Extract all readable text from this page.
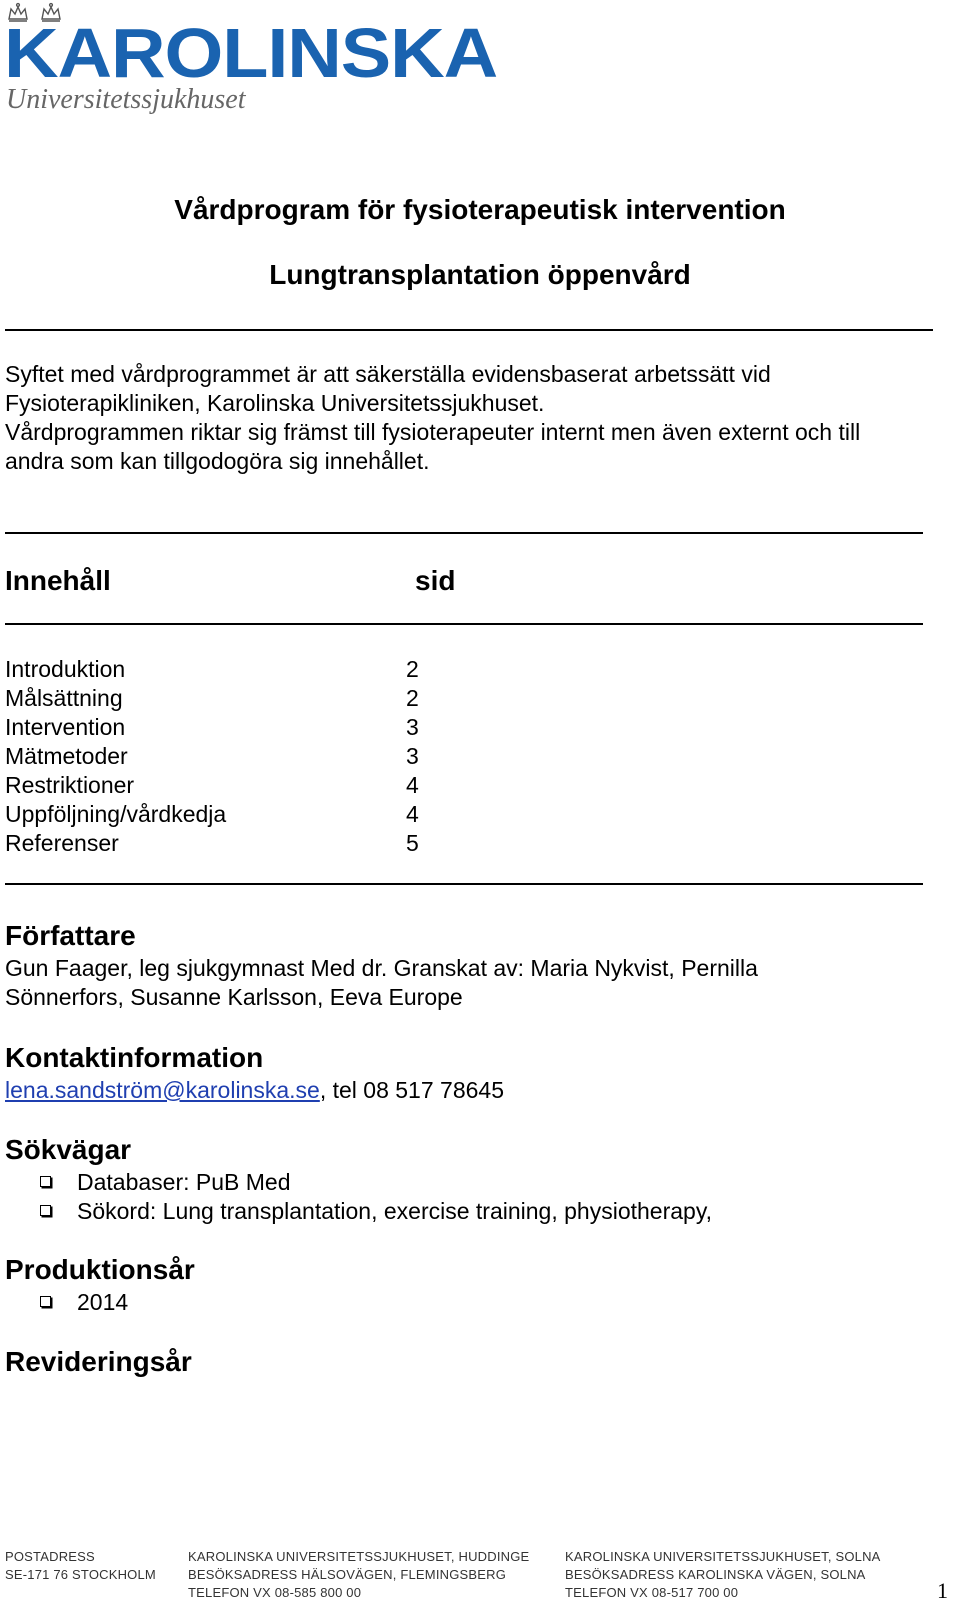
KAROLINSKA
Universitetssjukhuset
Vårdprogram för fysioterapeutisk intervention
Lungtransplantation öppenvård
Syftet med vårdprogrammet är att säkerställa evidensbaserat arbetssätt vid
Fysioterapikliniken, Karolinska Universitetssjukhuset.
Vårdprogrammen riktar sig främst till fysioterapeuter internt men även externt och till
andra som kan tillgodogöra sig innehållet.
Innehåll	sid
Introduktion	2
Målsättning	2
Intervention	3
Mätmetoder	3
Restriktioner	4
Uppföljning/vårdkedja	4
Referenser	5
Författare
Gun Faager, leg sjukgymnast Med dr. Granskat av: Maria Nykvist, Pernilla
Sönnerfors, Susanne Karlsson, Eeva Europe
Kontaktinformation
lena.sandström@karolinska.se, tel 08 517 78645
Sökvägar
Databaser: PuB Med
Sökord: Lung transplantation, exercise training, physiotherapy,
Produktionsår
2014
Revideringsår
POSTADRESS
SE-171 76 STOCKHOLM
KAROLINSKA UNIVERSITETSSJUKHUSET, HUDDINGE
BESÖKSADRESS HÄLSOVÄGEN, FLEMINGSBERG
TELEFON VX 08-585 800 00
KAROLINSKA UNIVERSITETSSJUKHUSET, SOLNA
BESÖKSADRESS KAROLINSKA VÄGEN, SOLNA
TELEFON VX 08-517 700 00	1
